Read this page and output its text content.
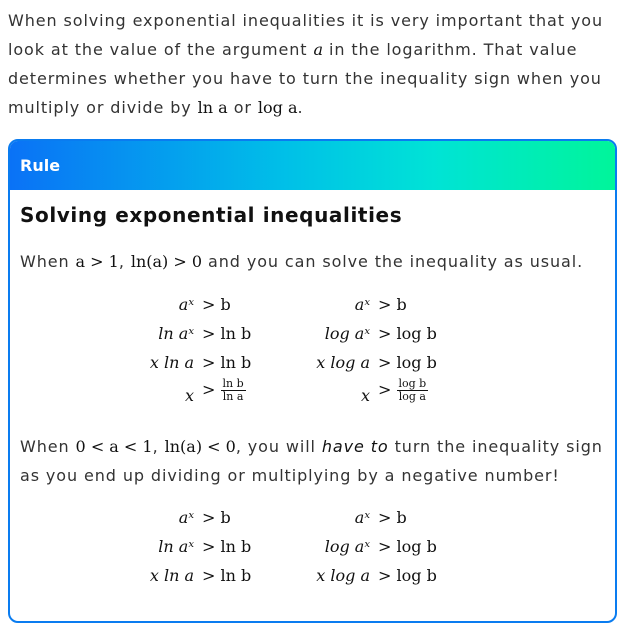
When solving exponential inequalities it is very important that you look at the value of the argument a in the logarithm. That value determines whether you have to turn the inequality sign when you multiply or divide by ln a or log a.
Rule
Solving exponential inequalities
When a > 1, ln(a) > 0 and you can solve the inequality as usual.
aˣ > b
ln aˣ > ln b
x ln a > ln b
$x > \frac{\text{ln b}}{\text{ln a}}$
aˣ > b
log aˣ > log b
x log a > log b
$x > \frac{\text{log b}}{\text{log a}}$
When 0 < a < 1, ln(a) < 0, you will have to turn the inequality sign as you end up dividing or multiplying by a negative number!
aˣ > b
ln aˣ > ln b
x ln a > ln b
aˣ > b
log aˣ > log b
x log a > log b
